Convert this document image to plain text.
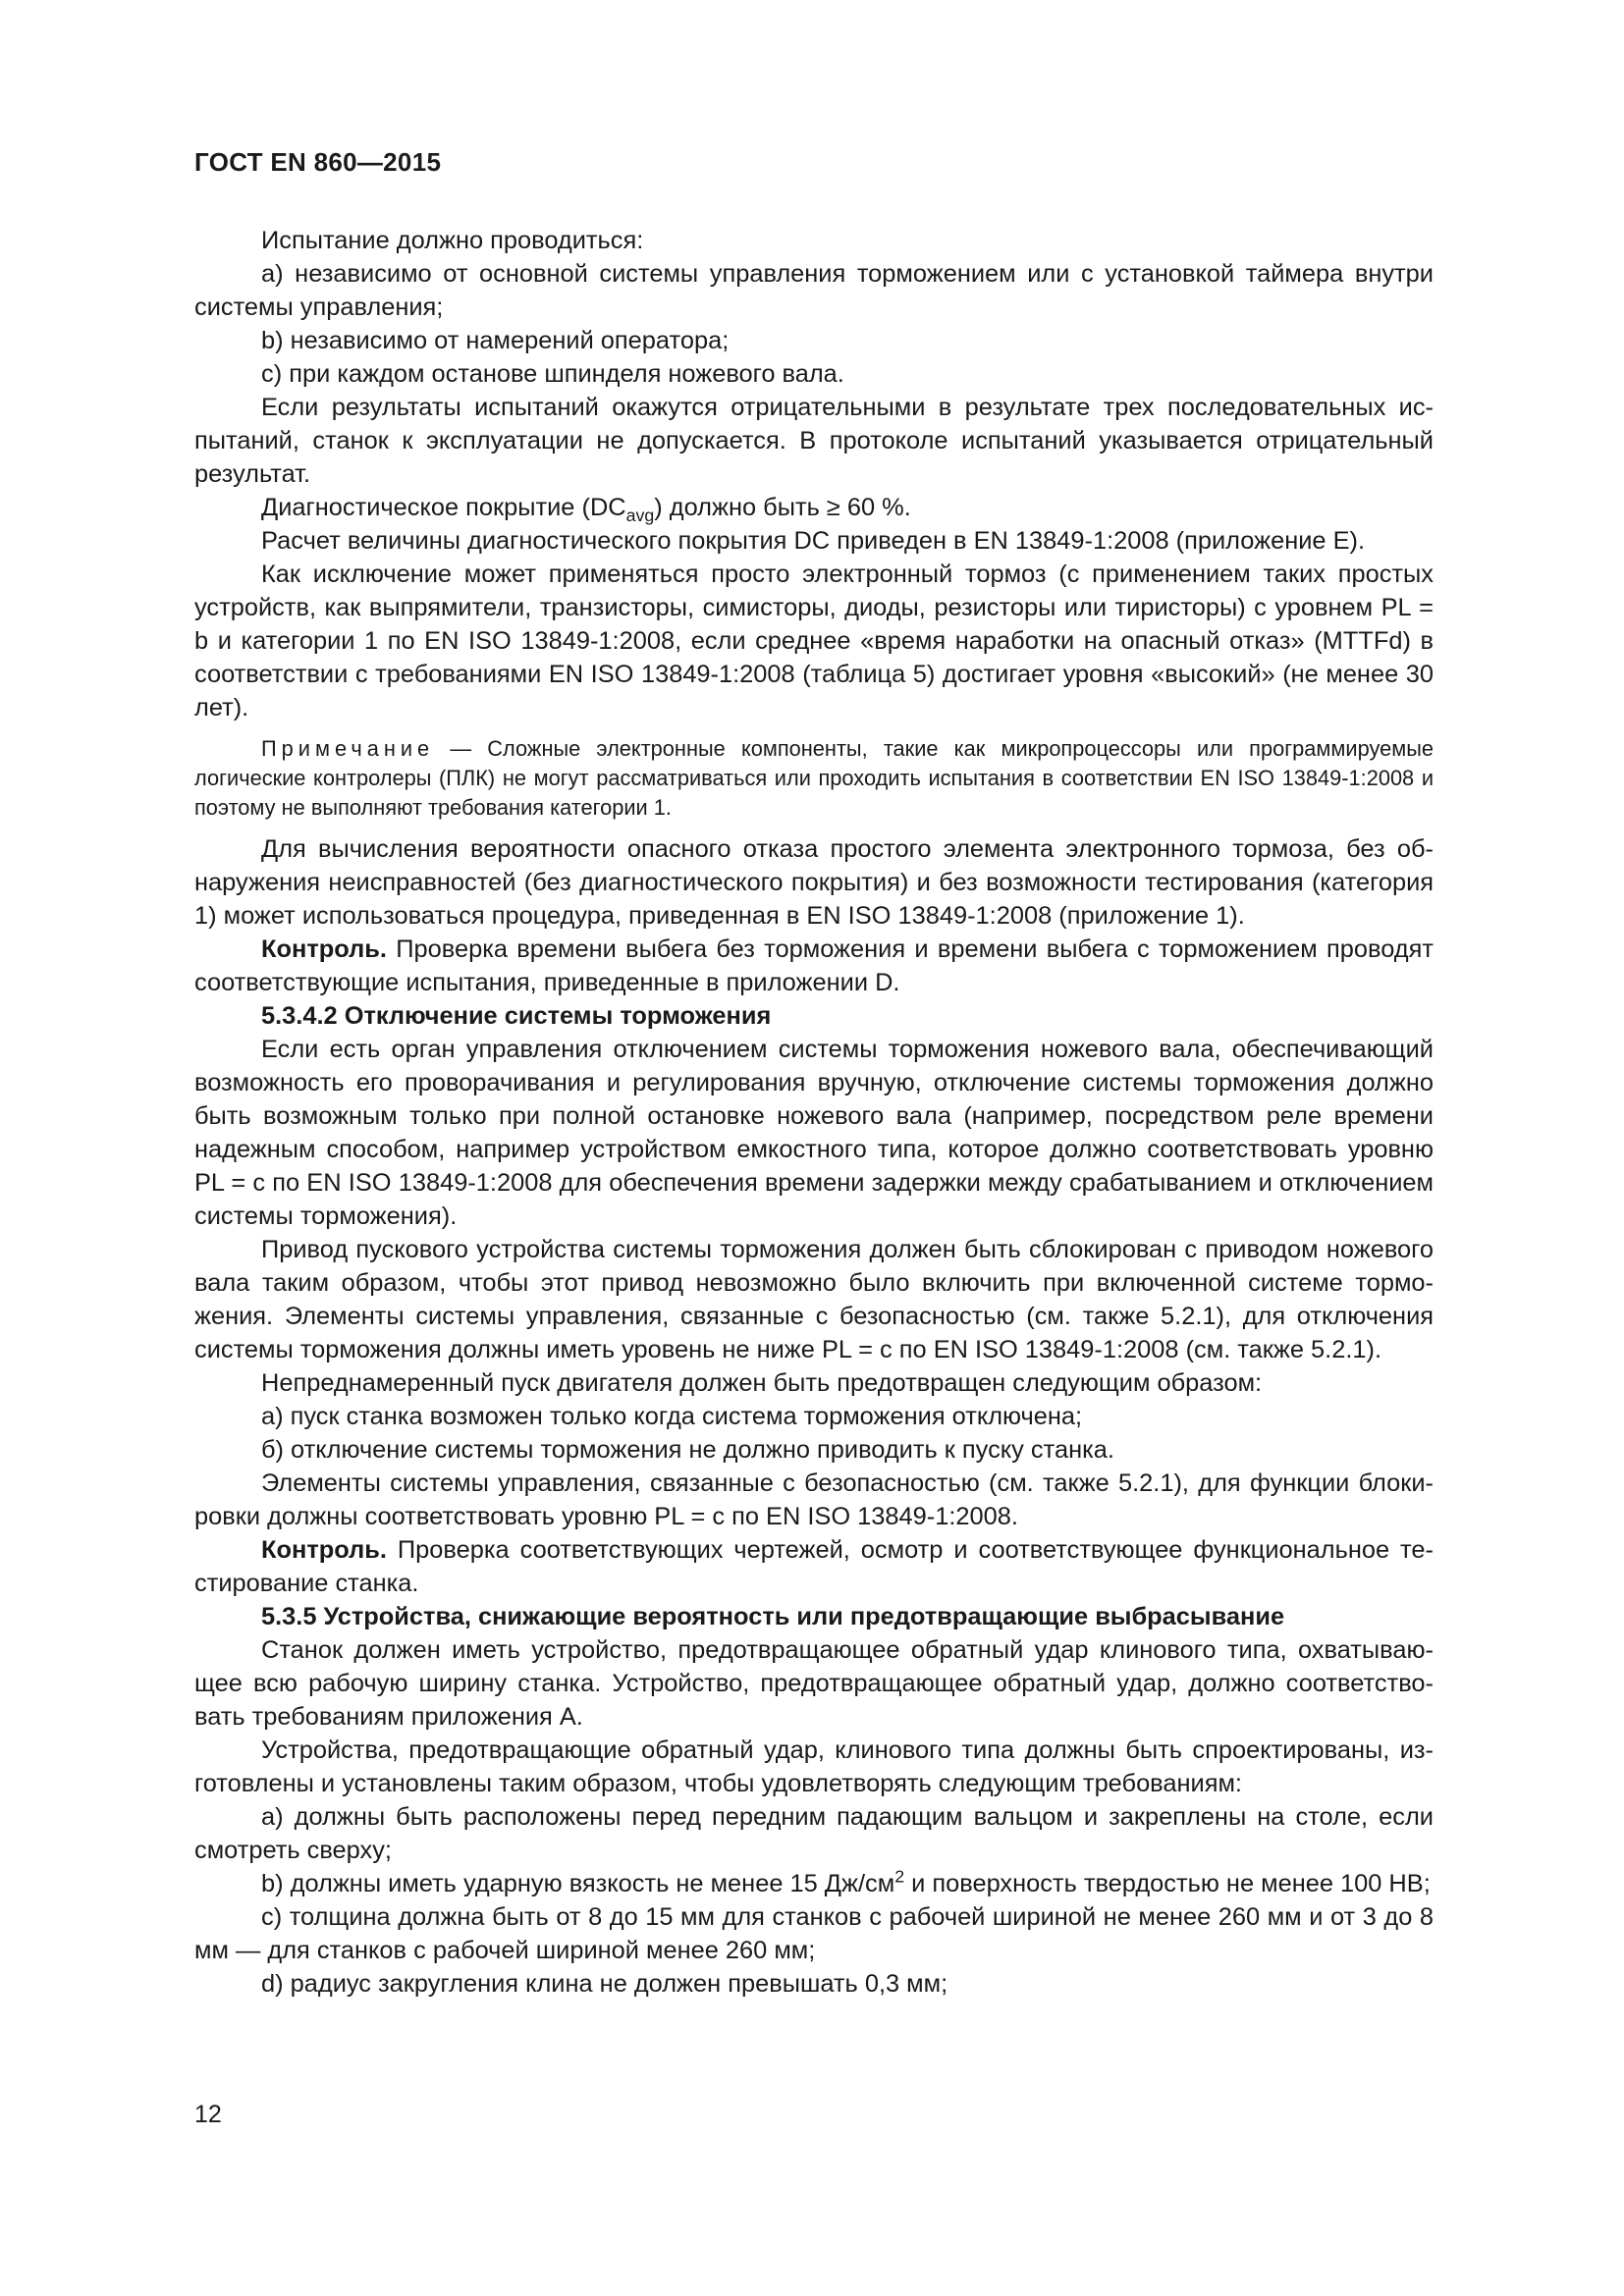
ГОСТ EN 860—2015

Испытание должно проводиться:

a) независимо от основной системы управления торможением или с установкой таймера внутри системы управления;

b) независимо от намерений оператора;

c) при каждом останове шпинделя ножевого вала.

Если результаты испытаний окажутся отрицательными в результате трех последовательных испытаний, станок к эксплуатации не допускается. В протоколе испытаний указывается отрицательный результат.

Диагностическое покрытие $(DC_{avg})$ должно быть ≥ 60 %.

Расчет величины диагностического покрытия DC приведен в EN 13849-1:2008 (приложение E).

Как исключение может применяться просто электронный тормоз (с применением таких простых устройств, как выпрямители, транзисторы, симисторы, диоды, резисторы или тиристоры) с уровнем PL = b и категории 1 по EN ISO 13849-1:2008, если среднее «время наработки на опасный отказ» (MTTFd) в соответствии с требованиями EN ISO 13849-1:2008 (таблица 5) достигает уровня «высокий» (не менее 30 лет).

Примечание — Сложные электронные компоненты, такие как микропроцессоры или программируемые логические контролеры (ПЛК) не могут рассматриваться или проходить испытания в соответствии EN ISO 13849-1:2008 и поэтому не выполняют требования категории 1.

Для вычисления вероятности опасного отказа простого элемента электронного тормоза, без обнаружения неисправностей (без диагностического покрытия) и без возможности тестирования (категория 1) может использоваться процедура, приведенная в EN ISO 13849-1:2008 (приложение 1).

Контроль. Проверка времени выбега без торможения и времени выбега с торможением проводят соответствующие испытания, приведенные в приложении D.

5.3.4.2 Отключение системы торможения

Если есть орган управления отключением системы торможения ножевого вала, обеспечивающий возможность его проворачивания и регулирования вручную, отключение системы торможения должно быть возможным только при полной остановке ножевого вала (например, посредством реле времени надежным способом, например устройством емкостного типа, которое должно соответствовать уровню PL = c по EN ISO 13849-1:2008 для обеспечения времени задержки между срабатыванием и отключением системы торможения).

Привод пускового устройства системы торможения должен быть сблокирован с приводом ножевого вала таким образом, чтобы этот привод невозможно было включить при включенной системе торможения. Элементы системы управления, связанные с безопасностью (см. также 5.2.1), для отключения системы торможения должны иметь уровень не ниже PL = c по EN ISO 13849-1:2008 (см. также 5.2.1).

Непреднамеренный пуск двигателя должен быть предотвращен следующим образом:

a) пуск станка возможен только когда система торможения отключена;

б) отключение системы торможения не должно приводить к пуску станка.

Элементы системы управления, связанные с безопасностью (см. также 5.2.1), для функции блокировки должны соответствовать уровню PL = c по EN ISO 13849-1:2008.

Контроль. Проверка соответствующих чертежей, осмотр и соответствующее функциональное тестирование станка.

5.3.5 Устройства, снижающие вероятность или предотвращающие выбрасывание

Станок должен иметь устройство, предотвращающее обратный удар клинового типа, охватывающее всю рабочую ширину станка. Устройство, предотвращающее обратный удар, должно соответствовать требованиям приложения A.

Устройства, предотвращающие обратный удар, клинового типа должны быть спроектированы, изготовлены и установлены таким образом, чтобы удовлетворять следующим требованиям:

a) должны быть расположены перед передним падающим вальцом и закреплены на столе, если смотреть сверху;

b) должны иметь ударную вязкость не менее 15 $Дж/см^2$ и поверхность твердостью не менее 100 HB;

c) толщина должна быть от 8 до 15 мм для станков с рабочей шириной не менее 260 мм и от 3 до 8 мм — для станков с рабочей шириной менее 260 мм;

d) радиус закругления клина не должен превышать 0,3 мм;

12
